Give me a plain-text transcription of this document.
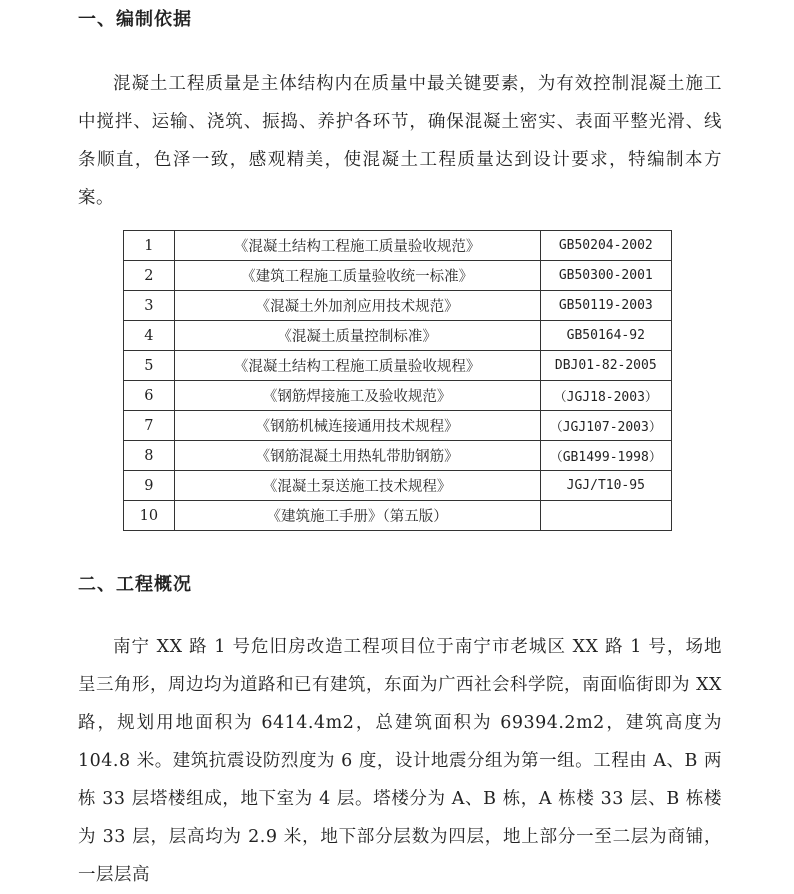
一、编制依据

混凝土工程质量是主体结构内在质量中最关键要素，为有效控制混凝土施工中搅拌、运输、浇筑、振捣、养护各环节，确保混凝土密实、表面平整光滑、线条顺直，色泽一致，感观精美，使混凝土工程质量达到设计要求，特编制本方案。

1	《混凝土结构工程施工质量验收规范》	GB50204-2002
2	《建筑工程施工质量验收统一标准》	GB50300-2001
3	《混凝土外加剂应用技术规范》	GB50119-2003
4	《混凝土质量控制标准》	GB50164-92
5	《混凝土结构工程施工质量验收规程》	DBJ01-82-2005
6	《钢筋焊接施工及验收规范》	（JGJ18-2003）
7	《钢筋机械连接通用技术规程》	（JGJ107-2003）
8	《钢筋混凝土用热轧带肋钢筋》	（GB1499-1998）
9	《混凝土泵送施工技术规程》	JGJ/T10-95
10	《建筑施工手册》（第五版）	
二、工程概况

南宁 XX 路 1 号危旧房改造工程项目位于南宁市老城区 XX 路 1 号，场地呈三角形，周边均为道路和已有建筑，东面为广西社会科学院，南面临街即为 XX 路，规划用地面积为 6414.4m2，总建筑面积为 69394.2m2，建筑高度为 104.8 米。建筑抗震设防烈度为 6 度，设计地震分组为第一组。工程由 A、B 两栋 33 层塔楼组成，地下室为 4 层。塔楼分为 A、B 栋，A 栋楼 33 层、B 栋楼为 33 层，层高均为 2.9 米，地下部分层数为四层，地上部分一至二层为商铺，一层层高
